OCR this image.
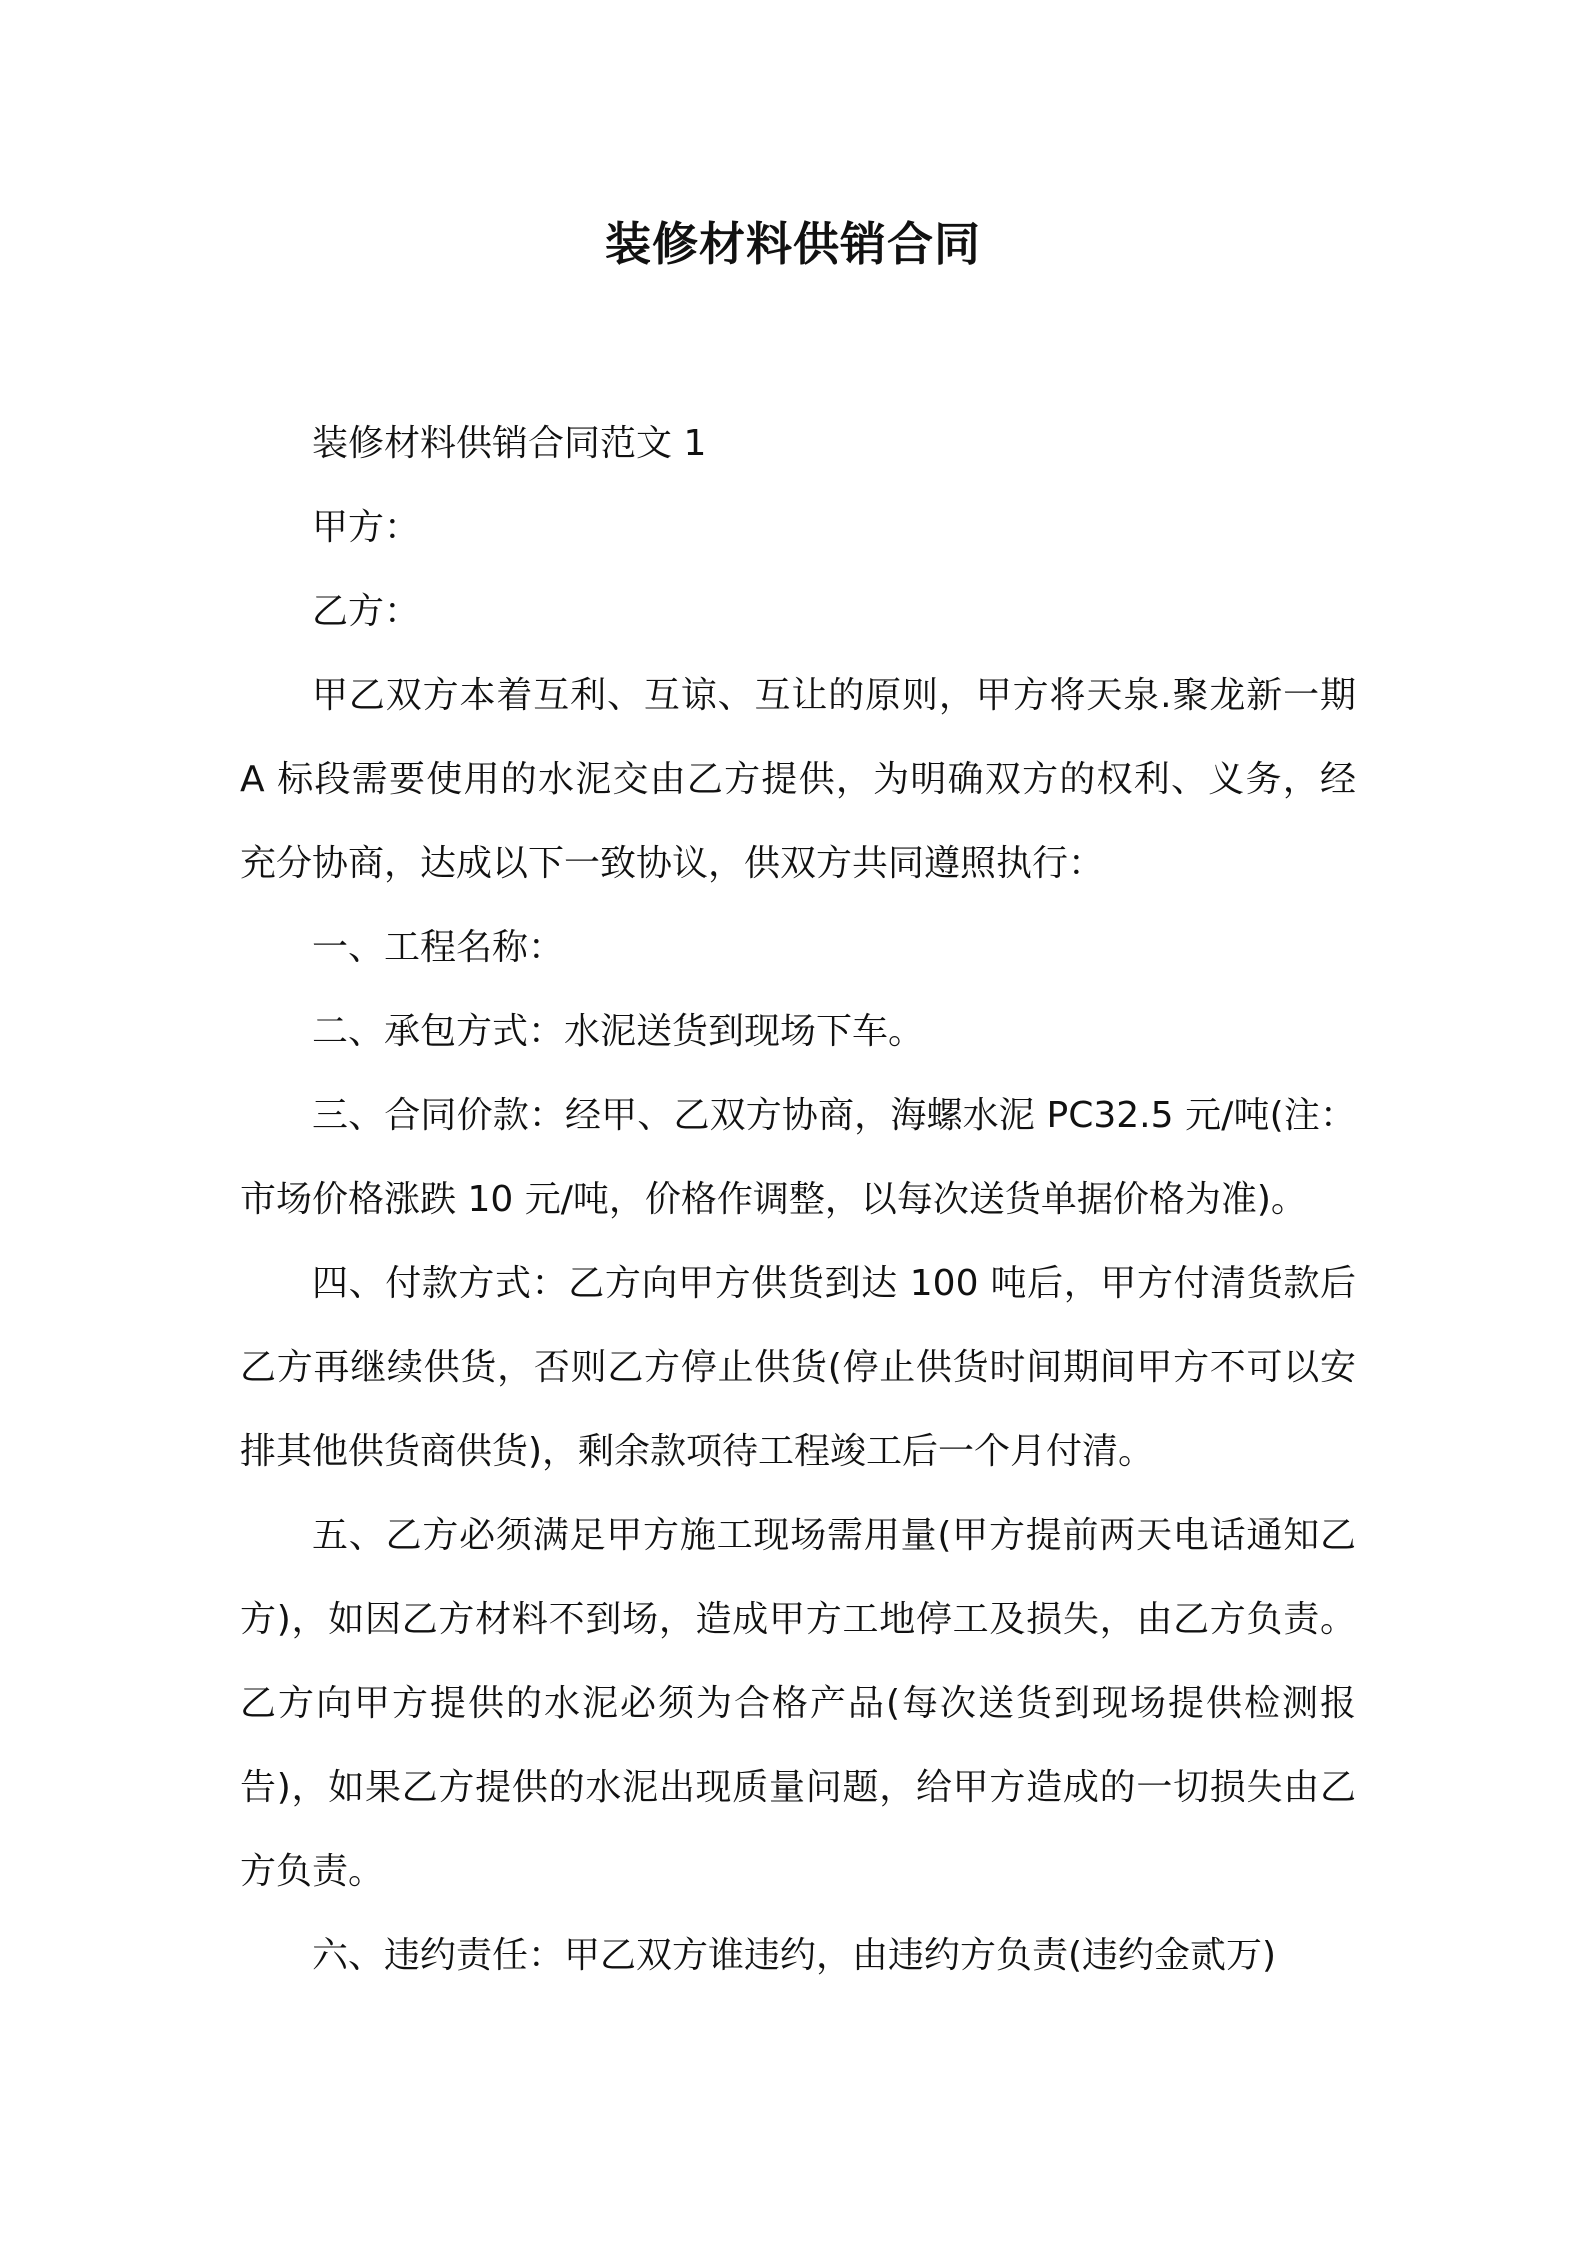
装修材料供销合同

装修材料供销合同范文 1

甲方：

乙方：

甲乙双方本着互利、互谅、互让的原则，甲方将天泉.聚龙新一期 A 标段需要使用的水泥交由乙方提供，为明确双方的权利、义务，经充分协商，达成以下一致协议，供双方共同遵照执行：

一、工程名称：

二、承包方式：水泥送货到现场下车。

三、合同价款：经甲、乙双方协商，海螺水泥 PC32.5 元/吨(注：市场价格涨跌 10 元/吨，价格作调整，以每次送货单据价格为准)。

四、付款方式：乙方向甲方供货到达 100 吨后，甲方付清货款后乙方再继续供货，否则乙方停止供货(停止供货时间期间甲方不可以安排其他供货商供货)，剩余款项待工程竣工后一个月付清。

五、乙方必须满足甲方施工现场需用量(甲方提前两天电话通知乙方)，如因乙方材料不到场，造成甲方工地停工及损失，由乙方负责。乙方向甲方提供的水泥必须为合格产品(每次送货到现场提供检测报告)，如果乙方提供的水泥出现质量问题，给甲方造成的一切损失由乙方负责。

六、违约责任：甲乙双方谁违约，由违约方负责(违约金贰万)
